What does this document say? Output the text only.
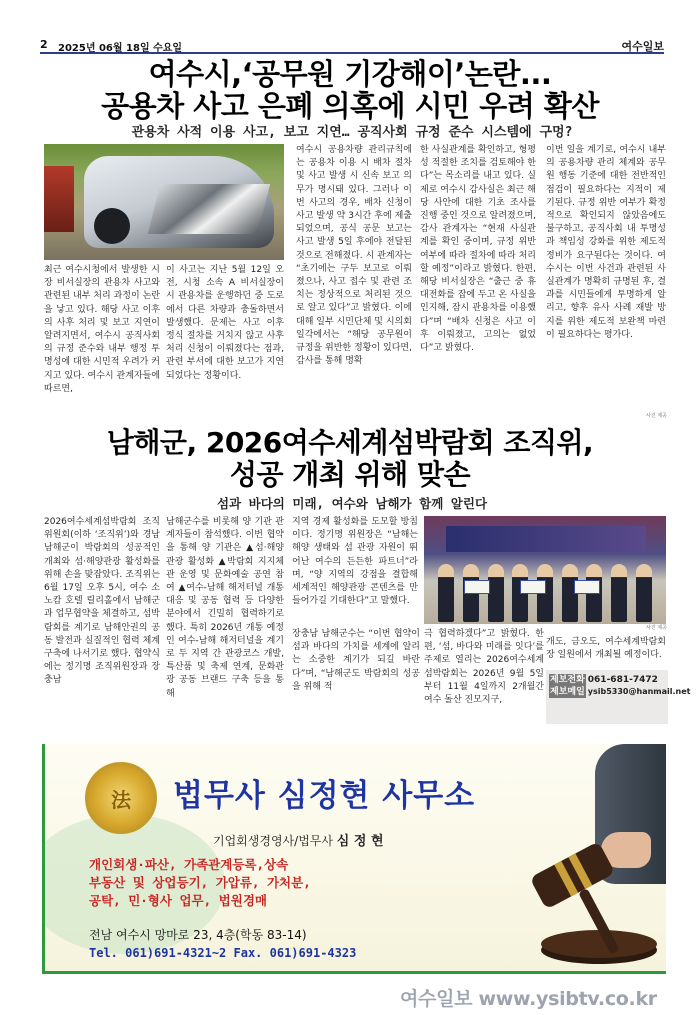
2 2025년 06월 18일 수요일	여수일보
여수시,‘공무원 기강해이’논란...
공용차 사고 은폐 의혹에 시민 우려 확산
관용차 사적 이용 사고, 보고 지연… 공직사회 규정 준수 시스템에 구멍?
최근 여수시청에서 발생한 시장 비서실장의 관용차 사고와 관련된 내부 처리 과정이 논란을 낳고 있다. 해당 사고 이후의 사후 처리 및 보고 지연이 알려지면서, 여수시 공직사회의 규정 준수와 내부 행정 투명성에 대한 시민적 우려가 커지고 있다. 여수시 관계자들에 따르면,
이 사고는 지난 5월 12일 오전, 시청 소속 A 비서실장이 시 관용차를 운행하던 중 도로에서 다른 차량과 충돌하면서 발생했다. 문제는 사고 이후 정식 절차를 거치지 않고 사후 처리 신청이 이뤄졌다는 점과, 관련 부서에 대한 보고가 지연되었다는 정황이다.
여수시 공용차량 관리규칙에는 공용차 이용 시 배차 절차 및 사고 발생 시 신속 보고 의무가 명시돼 있다. 그러나 이번 사고의 경우, 배차 신청이 사고 발생 약 3시간 후에 제출되었으며, 공식 공문 보고는 사고 발생 5일 후에야 전달된 것으로 전해졌다. 시 관계자는 “초기에는 구두 보고로 이뤄졌으나, 사고 접수 및 관련 조치는 정상적으로 처리된 것으로 알고 있다”고 밝혔다. 이에 대해 일부 시민단체 및 시의회 일각에서는 “해당 공무원이 규정을 위반한 정황이 있다면, 감사를 통해 명확
한 사실관계를 확인하고, 형평성 적절한 조치를 검토해야 한다”는 목소리를 내고 있다. 실제로 여수시 감사실은 최근 해당 사안에 대한 기초 조사를 진행 중인 것으로 알려졌으며, 감사 관계자는 “현재 사실관계를 확인 중이며, 규정 위반 여부에 따라 절차에 따라 처리할 예정”이라고 밝혔다. 한편, 해당 비서실장은 “출근 중 휴대전화를 잡에 두고 온 사실을 인지해, 잠시 관용차를 이용했다”며 “배차 신청은 사고 이후 이뤄졌고, 고의는 없었다”고 밝혔다.
이번 일을 계기로, 여수시 내부의 공용차량 관리 체계와 공무원 행동 기준에 대한 전반적인 점검이 필요하다는 지적이 제기된다. 규정 위반 여부가 확정적으로 확인되지 않았음에도 불구하고, 공직사회 내 투명성과 책임성 강화를 위한 제도적 정비가 요구된다는 것이다. 여수시는 이번 사건과 관련된 사실관계가 명확히 규명된 후, 결과를 시민들에게 투명하게 알리고, 향후 유사 사례 재발 방지를 위한 제도적 보완책 마련이 필요하다는 평가다.
사진 제공
남해군, 2026여수세계섬박람회 조직위,
성공 개최 위해 맞손
섬과 바다의 미래, 여수와 남해가 함께 알린다
2026여수세계섬박람회 조직위원회(이하 ‘조직위’)와 경남 남해군이 박람회의 성공적인 개최와 섬·해양관광 활성화를 위해 손을 맞잡았다. 조직위는 6월 17일 오후 5시, 여수 소노캄 호텔 릴리홀에서 남해군과 업무협약을 체결하고, 섬박람회를 계기로 남해안권의 공동 발전과 실질적인 협력 체계 구축에 나서기로 했다. 협약식에는 정기명 조직위원장과 장충남
남해군수를 비롯해 양 기관 관계자들이 참석했다. 이번 협약을 통해 양 기관은 ▲섬·해양 관광 활성화 ▲박람회 지지체관 운영 및 문화예술 공연 참여 ▲여수-남해 해저터널 개통 대응 및 공동 협력 등 다양한 분야에서 긴밀히 협력하기로 했다. 특히 2026년 개통 예정인 여수-남해 해저터널을 계기로 두 지역 간 관광코스 개발, 특산품 및 축제 연계, 문화관광 공동 브랜드 구축 등을 통해
지역 경제 활성화를 도모할 방침이다. 정기명 위원장은 “남해는 해양 생태와 섬 관광 자원이 뛰어난 여수의 든든한 파트너”라며, “양 지역의 강점을 결합해 세계적인 해양관광 콘텐츠를 만들어가길 기대한다”고 말했다.
장충남 남해군수는 “이번 협약이 섬과 바다의 가치를 세계에 알리는 소중한 계기가 되길 바란다”며, “남해군도 박람회의 성공을 위해 적
극 협력하겠다”고 밝혔다. 한편, ‘섬, 바다와 미래를 잇다’를 주제로 열리는 2026여수세계섬박람회는 2026년 9월 5일부터 11월 4일까지 2개월간 여수 돌산 진모지구,
개도, 금오도, 여수세계박람회장 일원에서 개최될 예정이다.
사진 제공
제보전화 061-681-7472
제보메일 ysib5330@hanmail.net
法 법무사 심정현 사무소
기업회생경영사/법무사 심 정 현
개인회생·파산, 가족관계등록,상속
부동산 및 상업등기, 가압류, 가처분,
공탁, 민·형사 업무, 법원경매
전남 여수시 망마로 23, 4층(학동 83-14)
Tel. 061)691-4321~2 Fax. 061)691-4323
여수일보 www.ysibtv.co.kr
